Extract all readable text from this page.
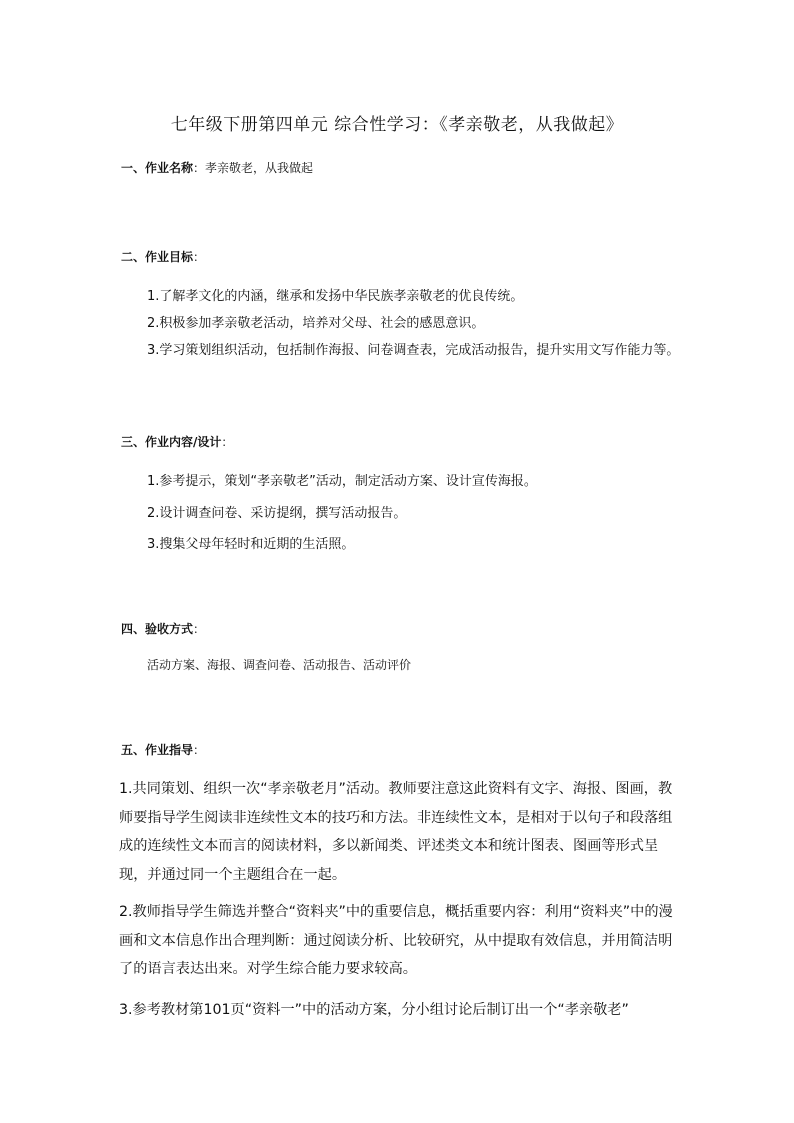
七年级下册第四单元 综合性学习：《孝亲敬老，从我做起》
一、作业名称：孝亲敬老，从我做起
二、作业目标：

1.了解孝文化的内涵，继承和发扬中华民族孝亲敬老的优良传统。

2.积极参加孝亲敬老活动，培养对父母、社会的感恩意识。

3.学习策划组织活动，包括制作海报、问卷调查表，完成活动报告，提升实用文写作能力等。

三、作业内容/设计：

1.参考提示，策划“孝亲敬老”活动，制定活动方案、设计宣传海报。

2.设计调查问卷、采访提纲，撰写活动报告。

3.搜集父母年轻时和近期的生活照。

四、验收方式：

活动方案、海报、调查问卷、活动报告、活动评价

五、作业指导：

1.共同策划、组织一次“孝亲敬老月”活动。教师要注意这此资料有文字、海报、图画，教师要指导学生阅读非连续性文本的技巧和方法。非连续性文本，是相对于以句子和段落组成的连续性文本而言的阅读材料，多以新闻类、评述类文本和统计图表、图画等形式呈现，并通过同一个主题组合在一起。

2.教师指导学生筛选并整合“资料夹”中的重要信息，概括重要内容：利用“资料夹”中的漫画和文本信息作出合理判断：通过阅读分析、比较研究，从中提取有效信息，并用简洁明了的语言表达出来。对学生综合能力要求较高。

3.参考教材第101页“资料一”中的活动方案，分小组讨论后制订出一个“孝亲敬老”
